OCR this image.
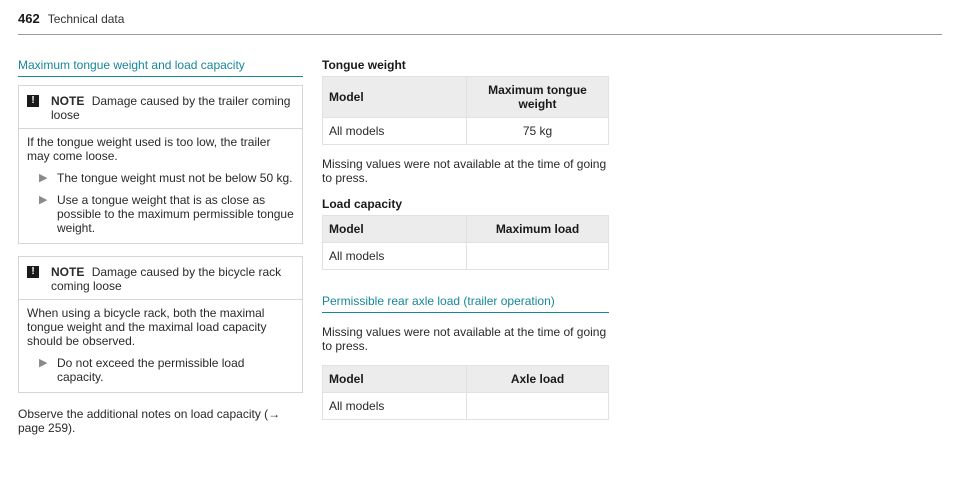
462 Technical data
Maximum tongue weight and load capacity
!	NOTE Damage caused by the trailer coming loose

If the tongue weight used is too low, the trailer may come loose.

▶ The tongue weight must not be below 50 kg.
▶ Use a tongue weight that is as close as possible to the maximum permissible tongue weight.
!	NOTE Damage caused by the bicycle rack coming loose

When using a bicycle rack, both the maximal tongue weight and the maximal load capacity should be observed.

▶ Do not exceed the permissible load capacity.

Observe the additional notes on load capacity (→ page 259).

Tongue weight
Model	Maximum tongue weight
All models	75 kg

Missing values were not available at the time of going to press.

Load capacity
Model	Maximum load
All models	
Permissible rear axle load (trailer operation)

Missing values were not available at the time of going to press.

Model	Axle load
All models	
